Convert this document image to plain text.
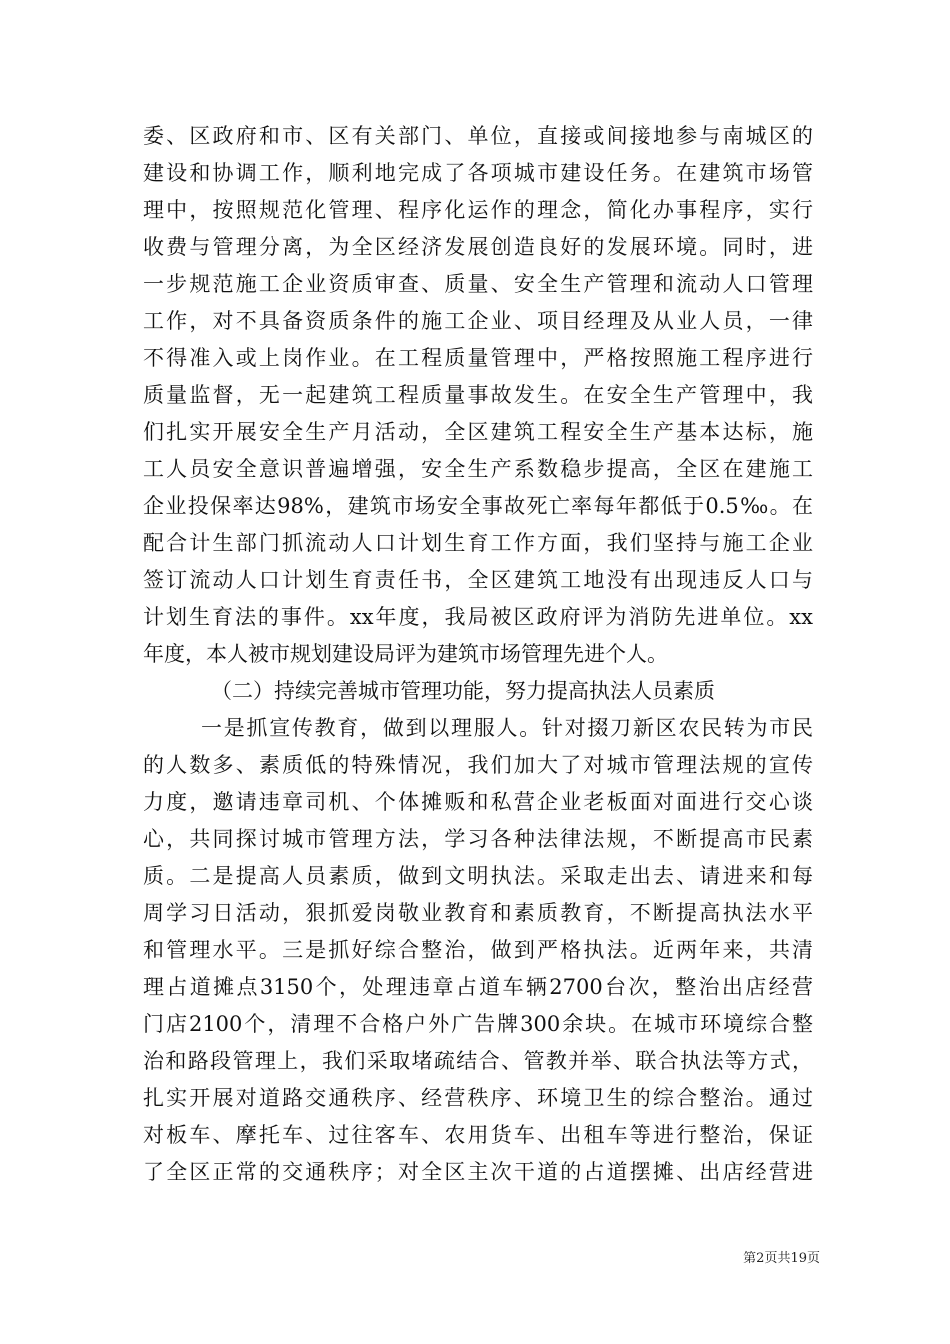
委、区政府和市、区有关部门、单位，直接或间接地参与南城区的
建设和协调工作，顺利地完成了各项城市建设任务。在建筑市场管
理中，按照规范化管理、程序化运作的理念，简化办事程序，实行
收费与管理分离，为全区经济发展创造良好的发展环境。同时，进
一步规范施工企业资质审查、质量、安全生产管理和流动人口管理
工作，对不具备资质条件的施工企业、项目经理及从业人员，一律
不得准入或上岗作业。在工程质量管理中，严格按照施工程序进行
质量监督，无一起建筑工程质量事故发生。在安全生产管理中，我
们扎实开展安全生产月活动，全区建筑工程安全生产基本达标，施
工人员安全意识普遍增强，安全生产系数稳步提高，全区在建施工
企业投保率达98%，建筑市场安全事故死亡率每年都低于0.5‰。在
配合计生部门抓流动人口计划生育工作方面，我们坚持与施工企业
签订流动人口计划生育责任书，全区建筑工地没有出现违反人口与
计划生育法的事件。xx年度，我局被区政府评为消防先进单位。xx
年度，本人被市规划建设局评为建筑市场管理先进个人。
（二）持续完善城市管理功能，努力提高执法人员素质
一是抓宣传教育，做到以理服人。针对掇刀新区农民转为市民
的人数多、素质低的特殊情况，我们加大了对城市管理法规的宣传
力度，邀请违章司机、个体摊贩和私营企业老板面对面进行交心谈
心，共同探讨城市管理方法，学习各种法律法规，不断提高市民素
质。二是提高人员素质，做到文明执法。采取走出去、请进来和每
周学习日活动，狠抓爱岗敬业教育和素质教育，不断提高执法水平
和管理水平。三是抓好综合整治，做到严格执法。近两年来，共清
理占道摊点3150个，处理违章占道车辆2700台次，整治出店经营
门店2100个，清理不合格户外广告牌300余块。在城市环境综合整
治和路段管理上，我们采取堵疏结合、管教并举、联合执法等方式，
扎实开展对道路交通秩序、经营秩序、环境卫生的综合整治。通过
对板车、摩托车、过往客车、农用货车、出租车等进行整治，保证
了全区正常的交通秩序；对全区主次干道的占道摆摊、出店经营进
第2页共19页
